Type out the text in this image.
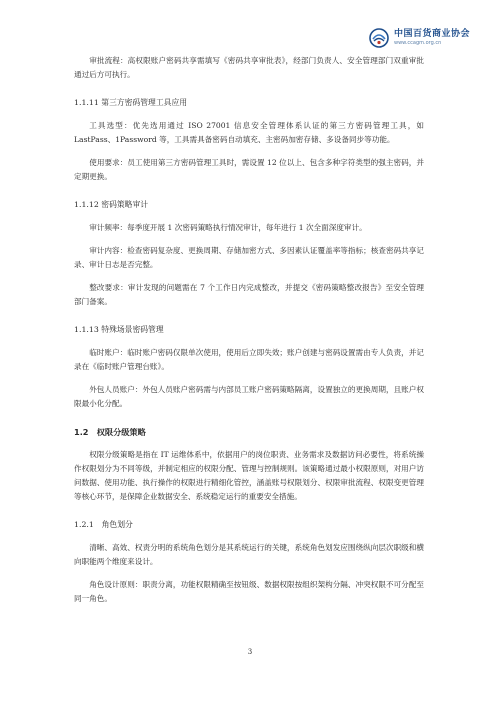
中国百货商业协会
www.ccagm.org.cn

审批流程：高权限账户密码共享需填写《密码共享审批表》，经部门负责人、安全管理部门双重审批通过后方可执行。

1.1.11 第三方密码管理工具应用

工具选型：优先选用通过 ISO 27001 信息安全管理体系认证的第三方密码管理工具，如 LastPass、1Password 等，工具需具备密码自动填充、主密码加密存储、多设备同步等功能。

使用要求：员工使用第三方密码管理工具时，需设置 12 位以上、包含多种字符类型的强主密码，并定期更换。

1.1.12 密码策略审计

审计频率：每季度开展 1 次密码策略执行情况审计，每年进行 1 次全面深度审计。

审计内容：检查密码复杂度、更换周期、存储加密方式、多因素认证覆盖率等指标；核查密码共享记录、审计日志是否完整。

整改要求：审计发现的问题需在 7 个工作日内完成整改，并提交《密码策略整改报告》至安全管理部门备案。

1.1.13 特殊场景密码管理

临时账户：临时账户密码仅限单次使用，使用后立即失效；账户创建与密码设置需由专人负责，并记录在《临时账户管理台账》。

外包人员账户：外包人员账户密码需与内部员工账户密码策略隔离，设置独立的更换周期，且账户权限最小化分配。

1.2　权限分级策略

权限分级策略是指在 IT 运维体系中，依据用户的岗位职责、业务需求及数据访问必要性，将系统操作权限划分为不同等级，并制定相应的权限分配、管理与控制规则。该策略通过最小权限原则，对用户访问数据、使用功能、执行操作的权限进行精细化管控，涵盖账号权限划分、权限审批流程、权限变更管理等核心环节，是保障企业数据安全、系统稳定运行的重要安全措施。

1.2.1　角色划分

清晰、高效、权责分明的系统角色划分是其系统运行的关键，系统角色划发应围绕纵向层次职级和横向职能两个维度来设计。

角色设计原则：职责分离，功能权限精确至按钮级、数据权限按组织架构分隔、冲突权限不可分配至同一角色。

3
